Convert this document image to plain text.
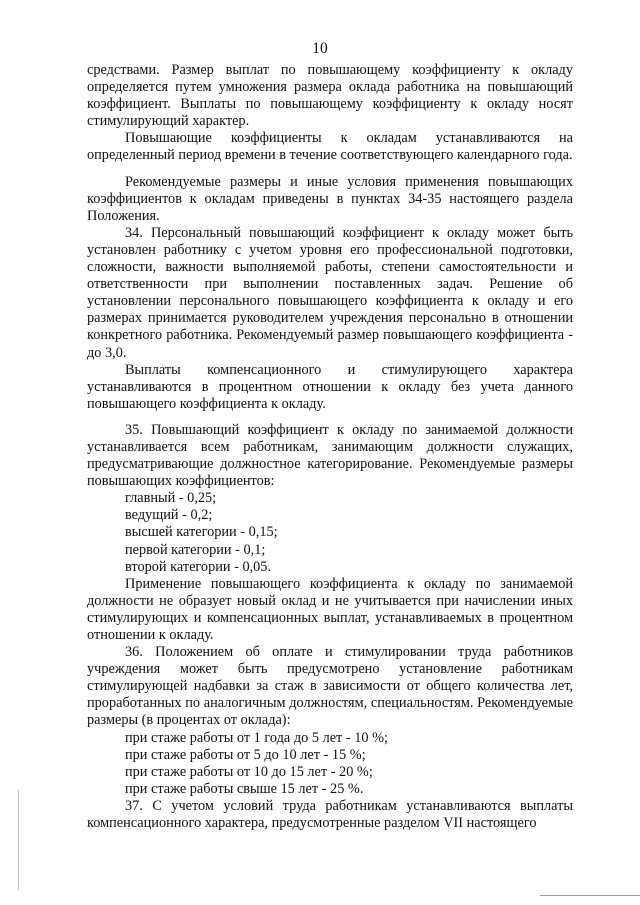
10

средствами. Размер выплат по повышающему коэффициенту к окладу определяется путем умножения размера оклада работника на повышающий коэффициент. Выплаты по повышающему коэффициенту к окладу носят стимулирующий характер.

Повышающие коэффициенты к окладам устанавливаются на определенный период времени в течение соответствующего календарного года.

Рекомендуемые размеры и иные условия применения повышающих коэффициентов к окладам приведены в пунктах 34-35 настоящего раздела Положения.

34. Персональный повышающий коэффициент к окладу может быть установлен работнику с учетом уровня его профессиональной подготовки, сложности, важности выполняемой работы, степени самостоятельности и ответственности при выполнении поставленных задач. Решение об установлении персонального повышающего коэффициента к окладу и его размерах принимается руководителем учреждения персонально в отношении конкретного работника. Рекомендуемый размер повышающего коэффициента - до 3,0.

Выплаты компенсационного и стимулирующего характера устанавливаются в процентном отношении к окладу без учета данного повышающего коэффициента к окладу.

35. Повышающий коэффициент к окладу по занимаемой должности устанавливается всем работникам, занимающим должности служащих, предусматривающие должностное категорирование. Рекомендуемые размеры повышающих коэффициентов:

главный - 0,25;
ведущий - 0,2;
высшей категории - 0,15;
первой категории - 0,1;
второй категории - 0,05.

Применение повышающего коэффициента к окладу по занимаемой должности не образует новый оклад и не учитывается при начислении иных стимулирующих и компенсационных выплат, устанавливаемых в процентном отношении к окладу.

36. Положением об оплате и стимулировании труда работников учреждения может быть предусмотрено установление работникам стимулирующей надбавки за стаж в зависимости от общего количества лет, проработанных по аналогичным должностям, специальностям. Рекомендуемые размеры (в процентах от оклада):

при стаже работы от 1 года до 5 лет - 10 %;
при стаже работы от 5 до 10 лет - 15 %;
при стаже работы от 10 до 15 лет - 20 %;
при стаже работы свыше 15 лет - 25 %.

37. С учетом условий труда работникам устанавливаются выплаты компенсационного характера, предусмотренные разделом VII настоящего
